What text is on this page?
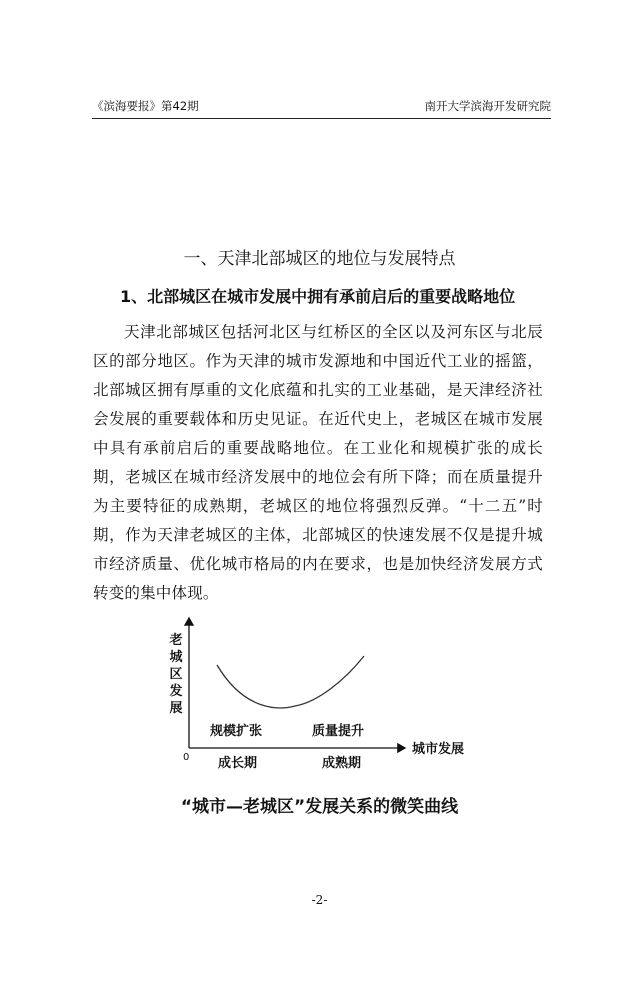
《滨海要报》第42期	南开大学滨海开发研究院
一、天津北部城区的地位与发展特点
1、北部城区在城市发展中拥有承前启后的重要战略地位

天津北部城区包括河北区与红桥区的全区以及河东区与北辰区的部分地区。作为天津的城市发源地和中国近代工业的摇篮，北部城区拥有厚重的文化底蕴和扎实的工业基础，是天津经济社会发展的重要载体和历史见证。在近代史上，老城区在城市发展中具有承前启后的重要战略地位。在工业化和规模扩张的成长期，老城区在城市经济发展中的地位会有所下降；而在质量提升为主要特征的成熟期，老城区的地位将强烈反弹。“十二五”时期，作为天津老城区的主体，北部城区的快速发展不仅是提升城市经济质量、优化城市格局的内在要求，也是加快经济发展方式转变的集中体现。

老城区发展
0
城市发展
规模扩张	质量提升
成长期	成熟期
“城市—老城区”发展关系的微笑曲线
-2-
